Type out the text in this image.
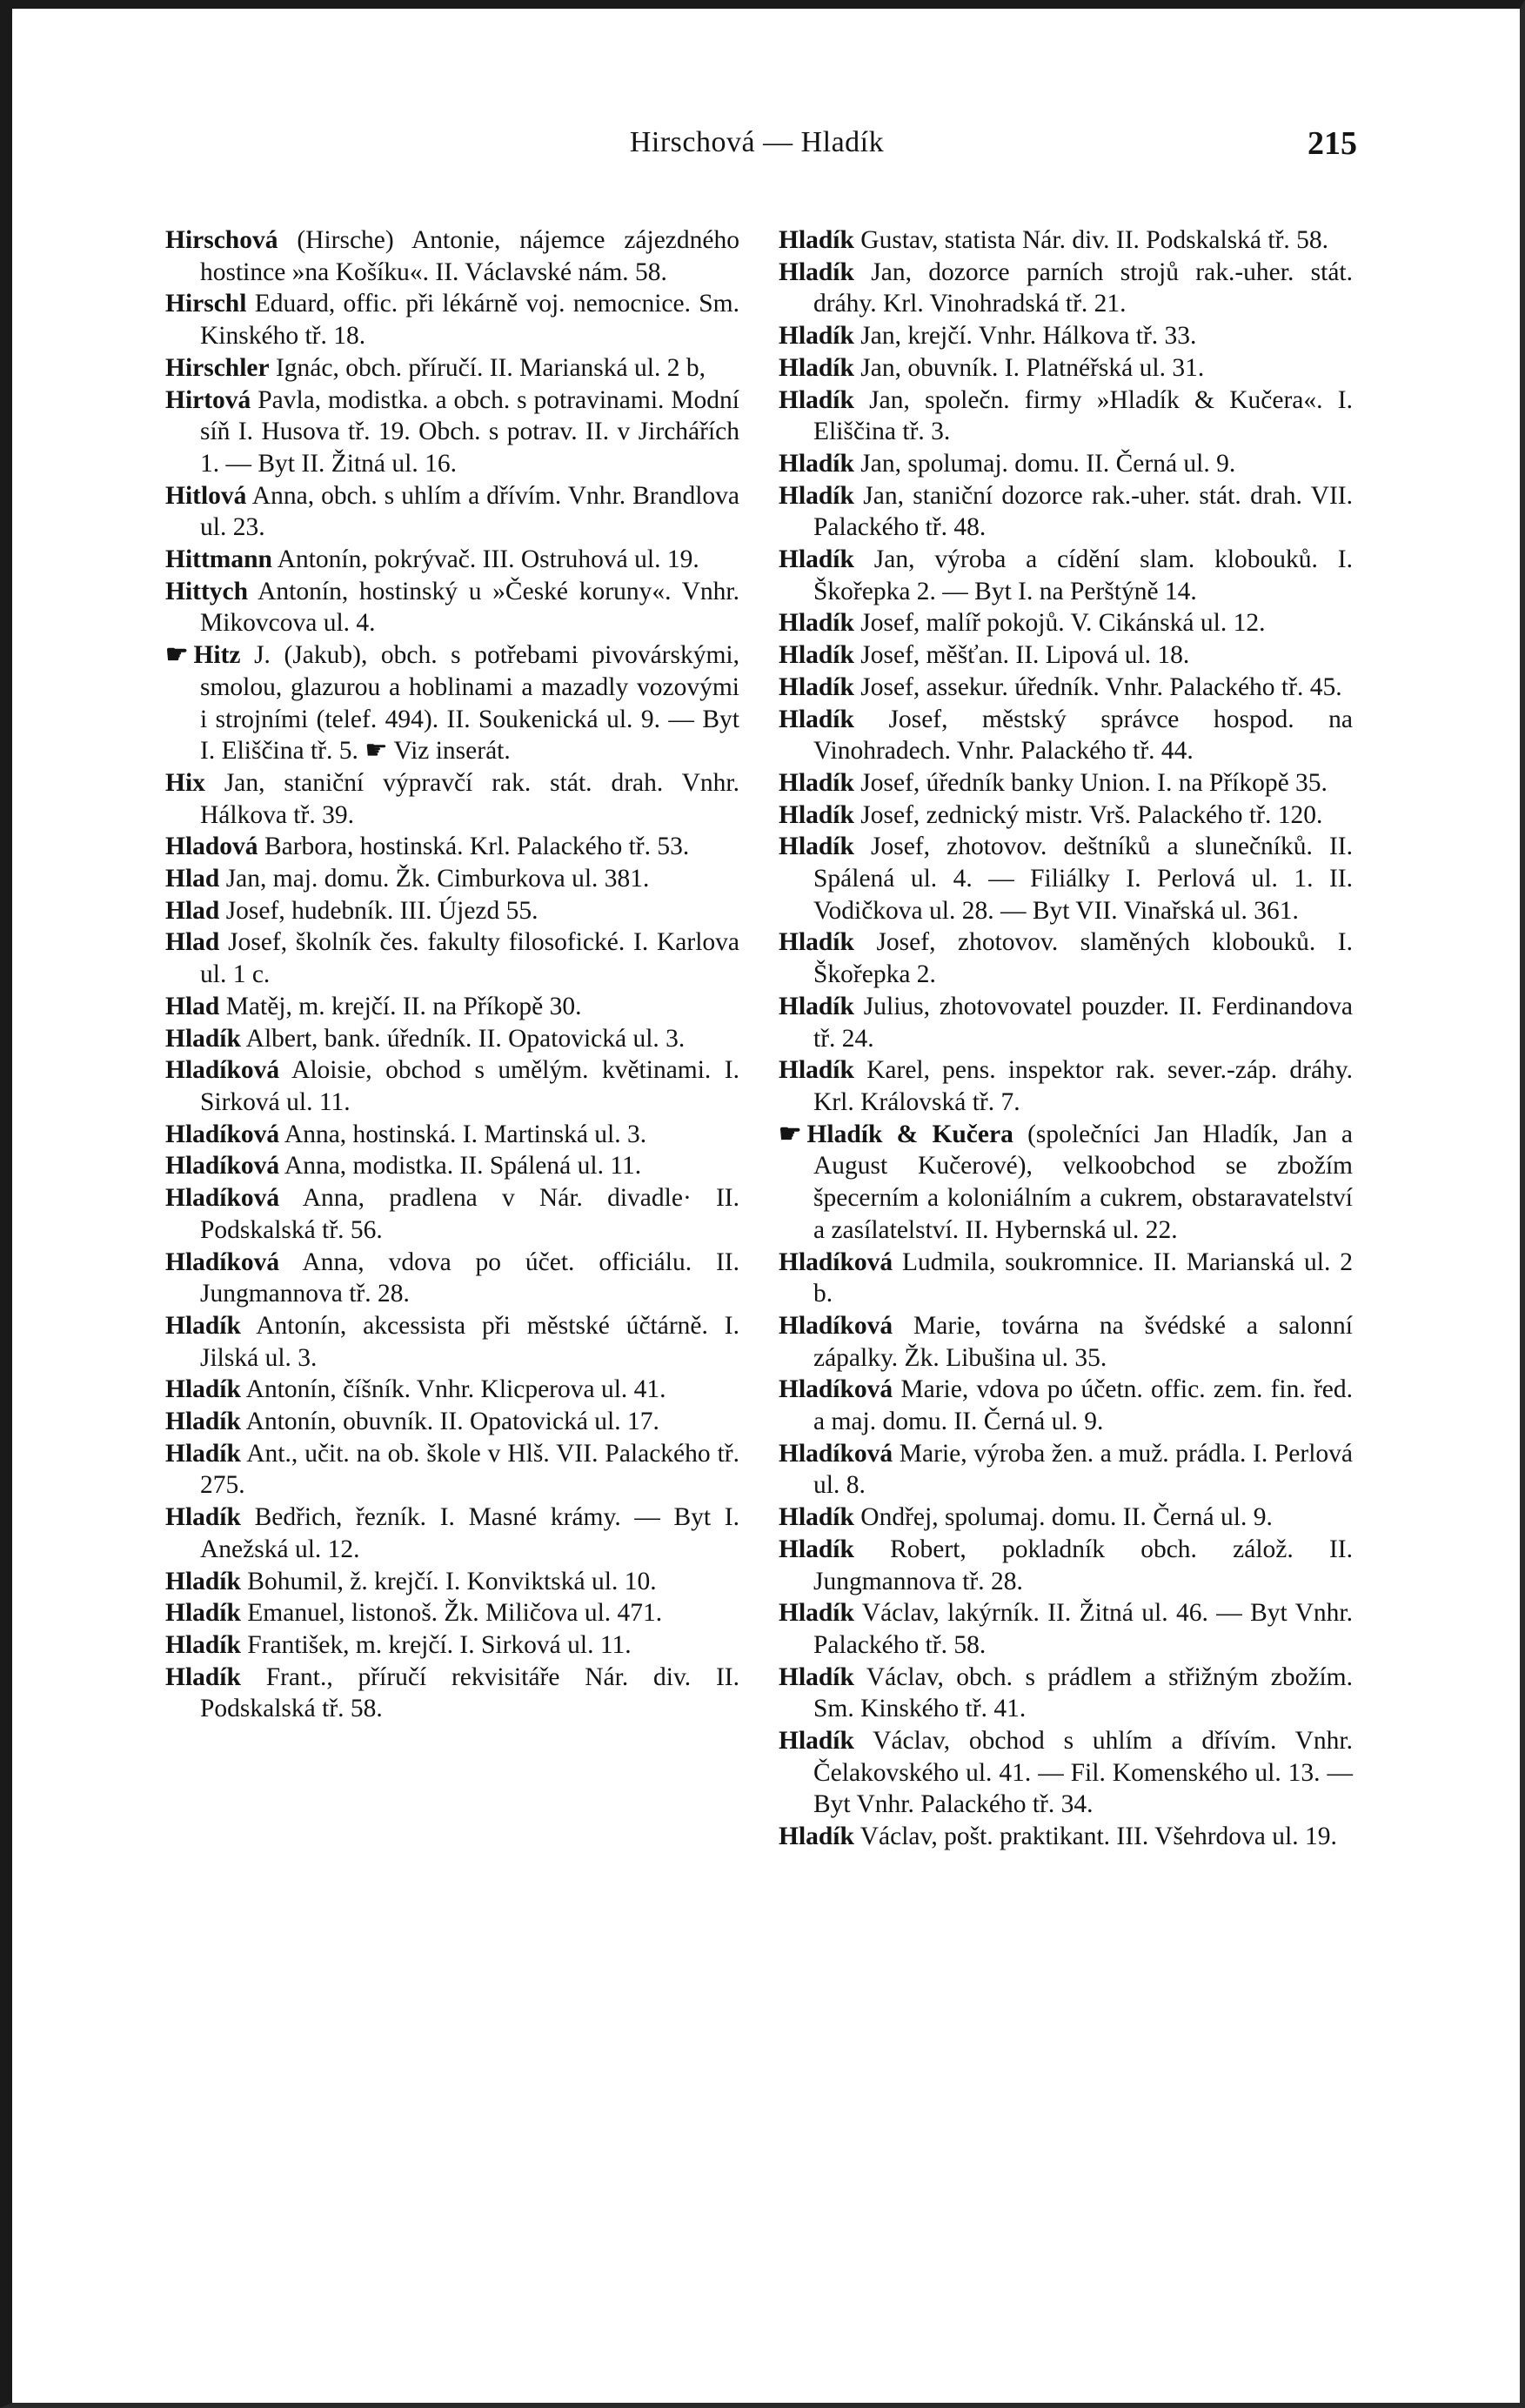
Hirschová — Hladík	215

Hirschová (Hirsche) Antonie, nájemce zájezdného hostince »na Košíku«. II. Václavské nám. 58.

Hirschl Eduard, offic. při lékárně voj. nemocnice. Sm. Kinského tř. 18.

Hirschler Ignác, obch. příručí. II. Marianská ul. 2 b,

Hirtová Pavla, modistka. a obch. s potravinami. Modní síň I. Husova tř. 19. Obch. s potrav. II. v Jirchářích 1. — Byt II. Žitná ul. 16.

Hitlová Anna, obch. s uhlím a dřívím. Vnhr. Brandlova ul. 23.

Hittmann Antonín, pokrývač. III. Ostruhová ul. 19.

Hittych Antonín, hostinský u »České koruny«. Vnhr. Mikovcova ul. 4.

☛ Hitz J. (Jakub), obch. s potřebami pivovárskými, smolou, glazurou a hoblinami a mazadly vozovými i strojními (telef. 494). II. Soukenická ul. 9. — Byt I. Eliščina tř. 5. ☛ Viz inserát.

Hix Jan, staniční výpravčí rak. stát. drah. Vnhr. Hálkova tř. 39.

Hladová Barbora, hostinská. Krl. Palackého tř. 53.

Hlad Jan, maj. domu. Žk. Cimburkova ul. 381.

Hlad Josef, hudebník. III. Újezd 55.

Hlad Josef, školník čes. fakulty filosofické. I. Karlova ul. 1 c.

Hlad Matěj, m. krejčí. II. na Příkopě 30.

Hladík Albert, bank. úředník. II. Opatovická ul. 3.

Hladíková Aloisie, obchod s umělým. květinami. I. Sirková ul. 11.

Hladíková Anna, hostinská. I. Martinská ul. 3.

Hladíková Anna, modistka. II. Spálená ul. 11.

Hladíková Anna, pradlena v Nár. divadle· II. Podskalská tř. 56.

Hladíková Anna, vdova po účet. officiálu. II. Jungmannova tř. 28.

Hladík Antonín, akcessista při městské účtárně. I. Jilská ul. 3.

Hladík Antonín, číšník. Vnhr. Klicperova ul. 41.

Hladík Antonín, obuvník. II. Opatovická ul. 17.

Hladík Ant., učit. na ob. škole v Hlš. VII. Palackého tř. 275.

Hladík Bedřich, řezník. I. Masné krámy. — Byt I. Anežská ul. 12.

Hladík Bohumil, ž. krejčí. I. Konviktská ul. 10.

Hladík Emanuel, listonoš. Žk. Miličova ul. 471.

Hladík František, m. krejčí. I. Sirková ul. 11.

Hladík Frant., příručí rekvisitáře Nár. div. II. Podskalská tř. 58.

Hladík Gustav, statista Nár. div. II. Podskalská tř. 58.

Hladík Jan, dozorce parních strojů rak.-uher. stát. dráhy. Krl. Vinohradská tř. 21.

Hladík Jan, krejčí. Vnhr. Hálkova tř. 33.

Hladík Jan, obuvník. I. Platnéřská ul. 31.

Hladík Jan, společn. firmy »Hladík & Kučera«. I. Eliščina tř. 3.

Hladík Jan, spolumaj. domu. II. Černá ul. 9.

Hladík Jan, staniční dozorce rak.-uher. stát. drah. VII. Palackého tř. 48.

Hladík Jan, výroba a cídění slam. klobouků. I. Škořepka 2. — Byt I. na Perštýně 14.

Hladík Josef, malíř pokojů. V. Cikánská ul. 12.

Hladík Josef, měšťan. II. Lipová ul. 18.

Hladík Josef, assekur. úředník. Vnhr. Palackého tř. 45.

Hladík Josef, městský správce hospod. na Vinohradech. Vnhr. Palackého tř. 44.

Hladík Josef, úředník banky Union. I. na Příkopě 35.

Hladík Josef, zednický mistr. Vrš. Palackého tř. 120.

Hladík Josef, zhotovov. deštníků a slunečníků. II. Spálená ul. 4. — Filiálky I. Perlová ul. 1. II. Vodičkova ul. 28. — Byt VII. Vinařská ul. 361.

Hladík Josef, zhotovov. slaměných klobouků. I. Škořepka 2.

Hladík Julius, zhotovovatel pouzder. II. Ferdinandova tř. 24.

Hladík Karel, pens. inspektor rak. sever.-záp. dráhy. Krl. Královská tř. 7.

☛ Hladík & Kučera (společníci Jan Hladík, Jan a August Kučerové), velkoobchod se zbožím špecerním a koloniálním a cukrem, obstaravatelství a zasílatelství. II. Hybernská ul. 22.

Hladíková Ludmila, soukromnice. II. Marianská ul. 2 b.

Hladíková Marie, továrna na švédské a salonní zápalky. Žk. Libušina ul. 35.

Hladíková Marie, vdova po účetn. offic. zem. fin. řed. a maj. domu. II. Černá ul. 9.

Hladíková Marie, výroba žen. a muž. prádla. I. Perlová ul. 8.

Hladík Ondřej, spolumaj. domu. II. Černá ul. 9.

Hladík Robert, pokladník obch. zálož. II. Jungmannova tř. 28.

Hladík Václav, lakýrník. II. Žitná ul. 46. — Byt Vnhr. Palackého tř. 58.

Hladík Václav, obch. s prádlem a střižným zbožím. Sm. Kinského tř. 41.

Hladík Václav, obchod s uhlím a dřívím. Vnhr. Čelakovského ul. 41. — Fil. Komenského ul. 13. — Byt Vnhr. Palackého tř. 34.

Hladík Václav, pošt. praktikant. III. Všehrdova ul. 19.
